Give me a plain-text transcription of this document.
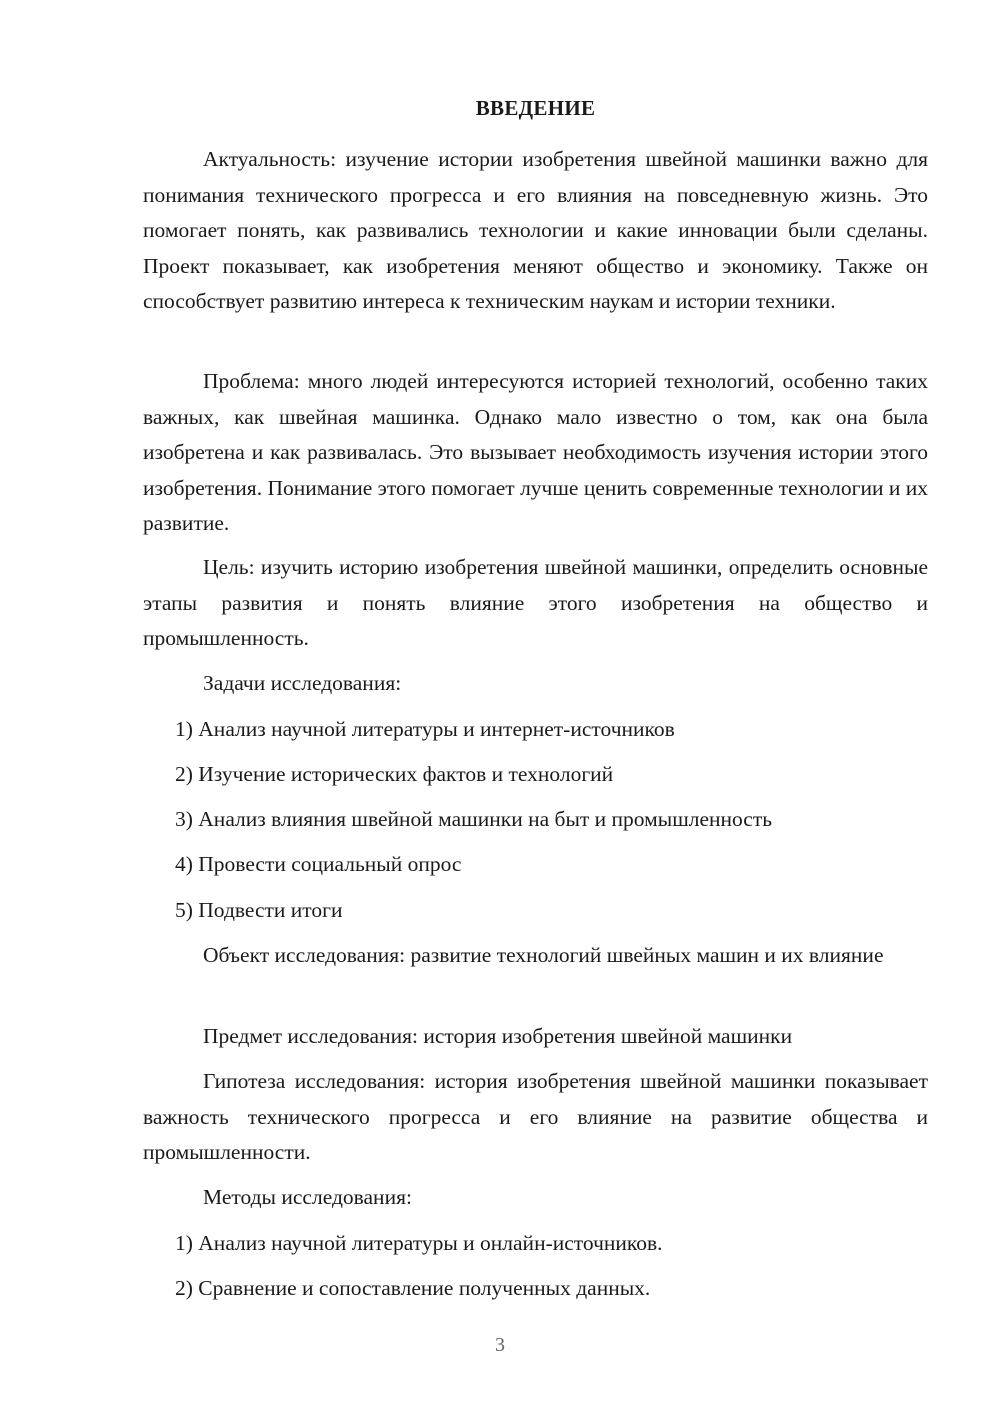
ВВЕДЕНИЕ

Актуальность: изучение истории изобретения швейной машинки важно для понимания технического прогресса и его влияния на повседневную жизнь. Это помогает понять, как развивались технологии и какие инновации были сделаны. Проект показывает, как изобретения меняют общество и экономику. Также он способствует развитию интереса к техническим наукам и истории техники.

Проблема: много людей интересуются историей технологий, особенно таких важных, как швейная машинка. Однако мало известно о том, как она была изобретена и как развивалась. Это вызывает необходимость изучения истории этого изобретения. Понимание этого помогает лучше ценить современные технологии и их развитие.

Цель: изучить историю изобретения швейной машинки, определить основные этапы развития и понять влияние этого изобретения на общество и промышленность.

Задачи исследования:

1) Анализ научной литературы и интернет-источников

2) Изучение исторических фактов и технологий

3) Анализ влияния швейной машинки на быт и промышленность

4) Провести социальный опрос

5) Подвести итоги

Объект исследования: развитие технологий швейных машин и их влияние

Предмет исследования: история изобретения швейной машинки

Гипотеза исследования: история изобретения швейной машинки показывает важность технического прогресса и его влияние на развитие общества и промышленности.

Методы исследования:

1) Анализ научной литературы и онлайн-источников.

2) Сравнение и сопоставление полученных данных.

3
